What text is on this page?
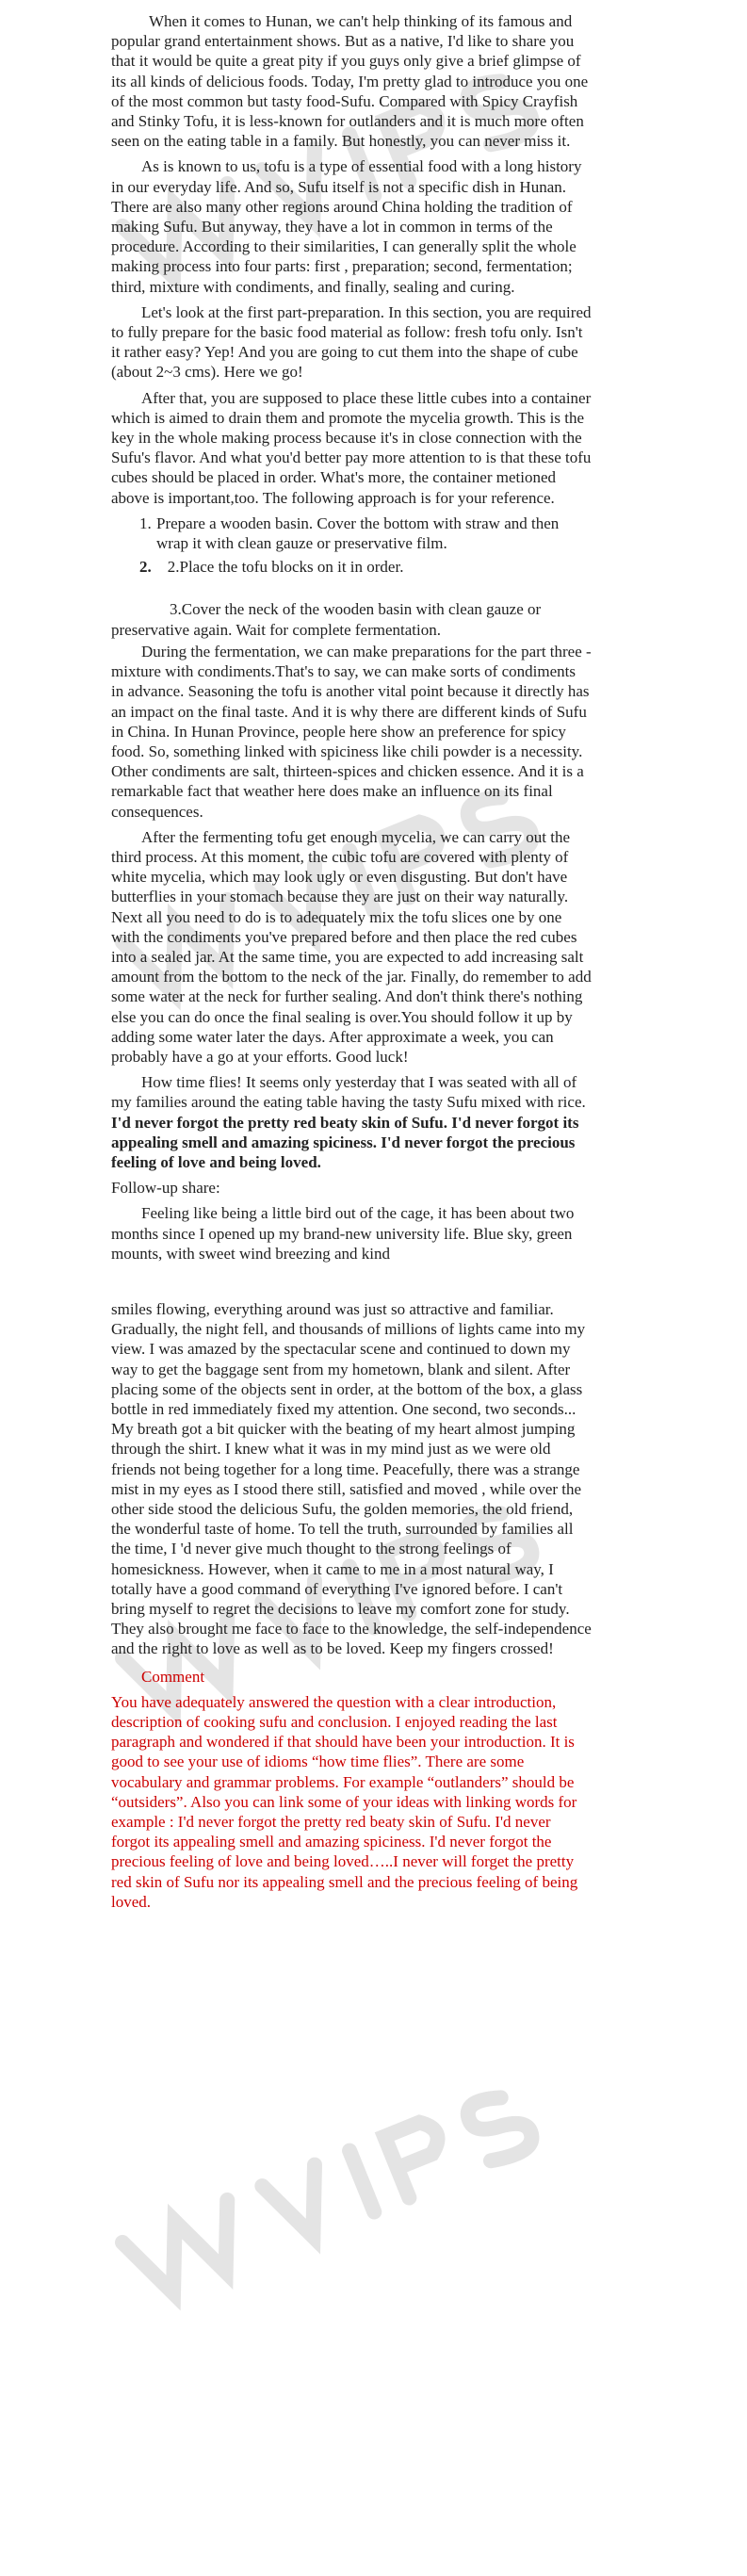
When it comes to Hunan, we can't help thinking of its famous and popular grand entertainment shows. But as a native, I'd like to share you that it would be quite a great pity if you guys only give a brief glimpse of its all kinds of delicious foods. Today, I'm pretty glad to introduce you one of the most common but tasty food-Sufu. Compared with Spicy Crayfish and Stinky Tofu, it is less-known for outlanders and it is much more often seen on the eating table in a family. But honestly, you can never miss it.

As is known to us, tofu is a type of essential food with a long history in our everyday life. And so, Sufu itself is not a specific dish in Hunan. There are also many other regions around China holding the tradition of making Sufu. But anyway, they have a lot in common in terms of the procedure. According to their similarities, I can generally split the whole making process into four parts: first , preparation; second, fermentation; third, mixture with condiments, and finally, sealing and curing.

Let's look at the first part-preparation. In this section, you are required to fully prepare for the basic food material as follow: fresh tofu only. Isn't it rather easy? Yep! And you are going to cut them into the shape of cube (about 2~3 cms). Here we go!

After that, you are supposed to place these little cubes into a container which is aimed to drain them and promote the mycelia growth. This is the key in the whole making process because it's in close connection with the Sufu's flavor. And what you'd better pay more attention to is that these tofu cubes should be placed in order. What's more, the container metioned above is important,too. The following approach is for your reference.

1. Prepare a wooden basin. Cover the bottom with straw and then wrap it with clean gauze or preservative film.
2. 2.Place the tofu blocks on it in order.
3.Cover the neck of the wooden basin with clean gauze or preservative again. Wait for complete fermentation.

During the fermentation, we can make preparations for the part three - mixture with condiments.That's to say, we can make sorts of condiments in advance. Seasoning the tofu is another vital point because it directly has an impact on the final taste. And it is why there are different kinds of Sufu in China. In Hunan Province, people here show an preference for spicy food. So, something linked with spiciness like chili powder is a necessity. Other condiments are salt, thirteen-spices and chicken essence. And it is a remarkable fact that weather here does make an influence on its final consequences.

After the fermenting tofu get enough mycelia, we can carry out the third process. At this moment, the cubic tofu are covered with plenty of white mycelia, which may look ugly or even disgusting. But don't have butterflies in your stomach because they are just on their way naturally. Next all you need to do is to adequately mix the tofu slices one by one with the condiments you've prepared before and then place the red cubes into a sealed jar. At the same time, you are expected to add increasing salt amount from the bottom to the neck of the jar. Finally, do remember to add some water at the neck for further sealing. And don't think there's nothing else you can do once the final sealing is over.You should follow it up by adding some water later the days. After approximate a week, you can probably have a go at your efforts. Good luck!

How time flies! It seems only yesterday that I was seated with all of my families around the eating table having the tasty Sufu mixed with rice. I'd never forgot the pretty red beaty skin of Sufu. I'd never forgot its appealing smell and amazing spiciness. I'd never forgot the precious feeling of love and being loved.

Follow-up share:

Feeling like being a little bird out of the cage, it has been about two months since I opened up my brand-new university life. Blue sky, green mounts, with sweet wind breezing and kind

smiles flowing, everything around was just so attractive and familiar. Gradually, the night fell, and thousands of millions of lights came into my view. I was amazed by the spectacular scene and continued to down my way to get the baggage sent from my hometown, blank and silent. After placing some of the objects sent in order, at the bottom of the box, a glass bottle in red immediately fixed my attention. One second, two seconds... My breath got a bit quicker with the beating of my heart almost jumping through the shirt. I knew what it was in my mind just as we were old friends not being together for a long time. Peacefully, there was a strange mist in my eyes as I stood there still, satisfied and moved , while over the other side stood the delicious Sufu, the golden memories, the old friend, the wonderful taste of home. To tell the truth, surrounded by families all the time, I 'd never give much thought to the strong feelings of homesickness. However, when it came to me in a most natural way, I totally have a good command of everything I've ignored before. I can't bring myself to regret the decisions to leave my comfort zone for study. They also brought me face to face to the knowledge, the self-independence and the right to love as well as to be loved. Keep my fingers crossed!

Comment

You have adequately answered the question with a clear introduction, description of cooking sufu and conclusion. I enjoyed reading the last paragraph and wondered if that should have been your introduction. It is good to see your use of idioms “how time flies”. There are some vocabulary and grammar problems. For example “outlanders” should be “outsiders”. Also you can link some of your ideas with linking words for example : I'd never forgot the pretty red beaty skin of Sufu. I'd never forgot its appealing smell and amazing spiciness. I'd never forgot the precious feeling of love and being loved…..I never will forget the pretty red skin of Sufu nor its appealing smell and the precious feeling of being loved.
